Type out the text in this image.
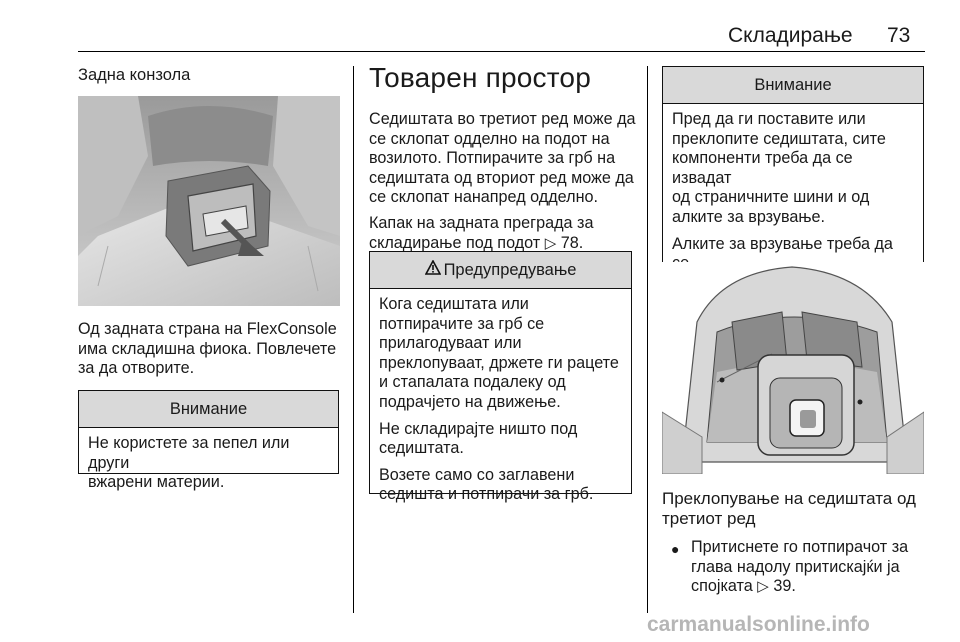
Складирање 73
Задна конзола
Од задната страна на FlexConsole
има складишна фиока. Повлечете
за да отворите.
Внимание
Не користете за пепел или други
вжарени материи.
Товарен простор
Седиштата во третиот ред може да
се склопат одделно на подот на
возилото. Потпирачите за грб на
седиштата од вториот ред може да
се склопат нанапред одделно.
Капак на задната преграда за
складирање под подот ▷ 78.
Предупредување

Кога седиштата или
потпирачите за грб се
прилагодуваат или
преклопуваат, држете ги рацете
и стапалата подалеку од
подрачјето на движење.

Не складирајте ништо под
седиштата.

Возете само со заглавени
седишта и потпирачи за грб.

Внимание

Пред да ги поставите или
преклопите седиштата, сите
компоненти треба да се извадат
од страничните шини и од
алките за врзување.

Алките за врзување треба да

Преклопување на седиштата од
третиот ред
● Притиснете го потпирачот за
глава надолу притискајќи ја
спојката ▷ 39.
carmanualsonline.info
